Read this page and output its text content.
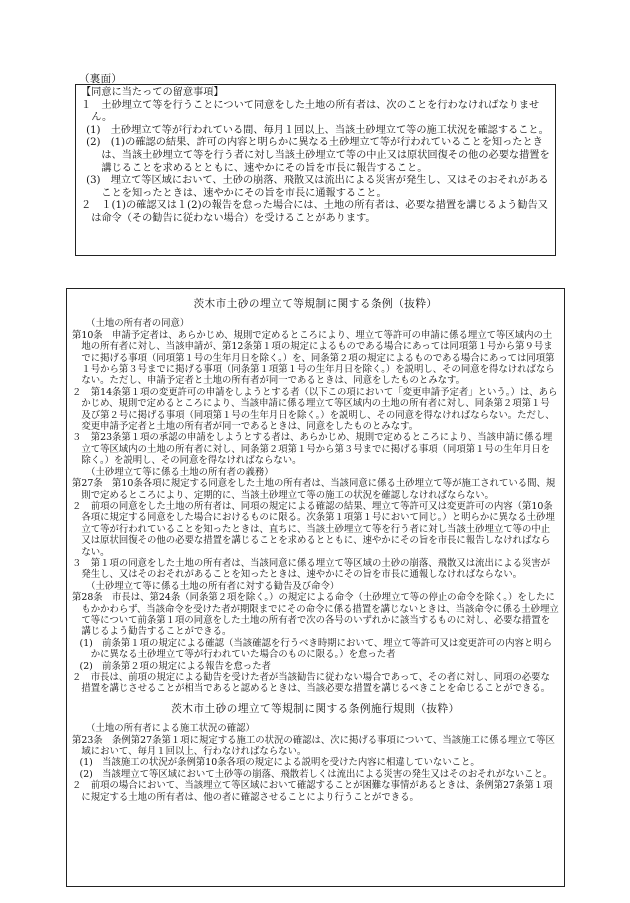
（裏面）

【同意に当たっての留意事項】

１　土砂埋立て等を行うことについて同意をした土地の所有者は、次のことを行わなければなりません。

(1)　土砂埋立て等が行われている間、毎月１回以上、当該土砂埋立て等の施工状況を確認すること。

(2)　(1)の確認の結果、許可の内容と明らかに異なる土砂埋立て等が行われていることを知ったときは、当該土砂埋立て等を行う者に対し当該土砂埋立て等の中止又は原状回復その他の必要な措置を講じることを求めるとともに、速やかにその旨を市長に報告すること。

(3)　埋立て等区域において、土砂の崩落、飛散又は流出による災害が発生し、又はそのおそれがあることを知ったときは、速やかにその旨を市長に通報すること。

２　１(1)の確認又は１(2)の報告を怠った場合には、土地の所有者は、必要な措置を講じるよう勧告又は命令（その勧告に従わない場合）を受けることがあります。

茨木市土砂の埋立て等規制に関する条例（抜粋）

（土地の所有者の同意）

第10条　申請予定者は、あらかじめ、規則で定めるところにより、埋立て等許可の申請に係る埋立て等区域内の土地の所有者に対し、当該申請が、第12条第１項の規定によるものである場合にあっては同項第１号から第９号までに掲げる事項（同項第１号の生年月日を除く。）を、同条第２項の規定によるものである場合にあっては同項第１号から第３号までに掲げる事項（同条第１項第１号の生年月日を除く。）を説明し、その同意を得なければならない。ただし、申請予定者と土地の所有者が同一であるときは、同意をしたものとみなす。

２　第14条第１項の変更許可の申請をしようとする者（以下この項において「変更申請予定者」という。）は、あらかじめ、規則で定めるところにより、当該申請に係る埋立て等区域内の土地の所有者に対し、同条第２項第１号及び第２号に掲げる事項（同項第１号の生年月日を除く。）を説明し、その同意を得なければならない。ただし、変更申請予定者と土地の所有者が同一であるときは、同意をしたものとみなす。

３　第23条第１項の承認の申請をしようとする者は、あらかじめ、規則で定めるところにより、当該申請に係る埋立て等区域内の土地の所有者に対し、同条第２項第１号から第３号までに掲げる事項（同項第１号の生年月日を除く。）を説明し、その同意を得なければならない。

（土砂埋立て等に係る土地の所有者の義務）

第27条　第10条各項に規定する同意をした土地の所有者は、当該同意に係る土砂埋立て等が施工されている間、規則で定めるところにより、定期的に、当該土砂埋立て等の施工の状況を確認しなければならない。

２　前項の同意をした土地の所有者は、同項の規定による確認の結果、埋立て等許可又は変更許可の内容（第10条各項に規定する同意をした場合におけるものに限る。次条第１項第１号において同じ。）と明らかに異なる土砂埋立て等が行われていることを知ったときは、直ちに、当該土砂埋立て等を行う者に対し当該土砂埋立て等の中止又は原状回復その他の必要な措置を講じることを求めるとともに、速やかにその旨を市長に報告しなければならない。

３　第１項の同意をした土地の所有者は、当該同意に係る埋立て等区域の土砂の崩落、飛散又は流出による災害が発生し、又はそのおそれがあることを知ったときは、速やかにその旨を市長に通報しなければならない。

（土砂埋立て等に係る土地の所有者に対する勧告及び命令）

第28条　市長は、第24条（同条第２項を除く。）の規定による命令（土砂埋立て等の停止の命令を除く。）をしたにもかかわらず、当該命令を受けた者が期限までにその命令に係る措置を講じないときは、当該命令に係る土砂埋立て等について前条第１項の同意をした土地の所有者で次の各号のいずれかに該当するものに対し、必要な措置を講じるよう勧告することができる。

(1)　前条第１項の規定による確認（当該確認を行うべき時期において、埋立て等許可又は変更許可の内容と明らかに異なる土砂埋立て等が行われていた場合のものに限る。）を怠った者

(2)　前条第２項の規定による報告を怠った者

２　市長は、前項の規定による勧告を受けた者が当該勧告に従わない場合であって、その者に対し、同項の必要な措置を講じさせることが相当であると認めるときは、当該必要な措置を講じるべきことを命じることができる。

茨木市土砂の埋立て等規制に関する条例施行規則（抜粋）

（土地の所有者による施工状況の確認）

第23条　条例第27条第１項に規定する施工の状況の確認は、次に掲げる事項について、当該施工に係る埋立て等区域において、毎月１回以上、行わなければならない。

(1)　当該施工の状況が条例第10条各項の規定による説明を受けた内容に相違していないこと。

(2)　当該埋立て等区域において土砂等の崩落、飛散若しくは流出による災害の発生又はそのおそれがないこと。

２　前項の場合において、当該埋立て等区域において確認することが困難な事情があるときは、条例第27条第１項に規定する土地の所有者は、他の者に確認させることにより行うことができる。
